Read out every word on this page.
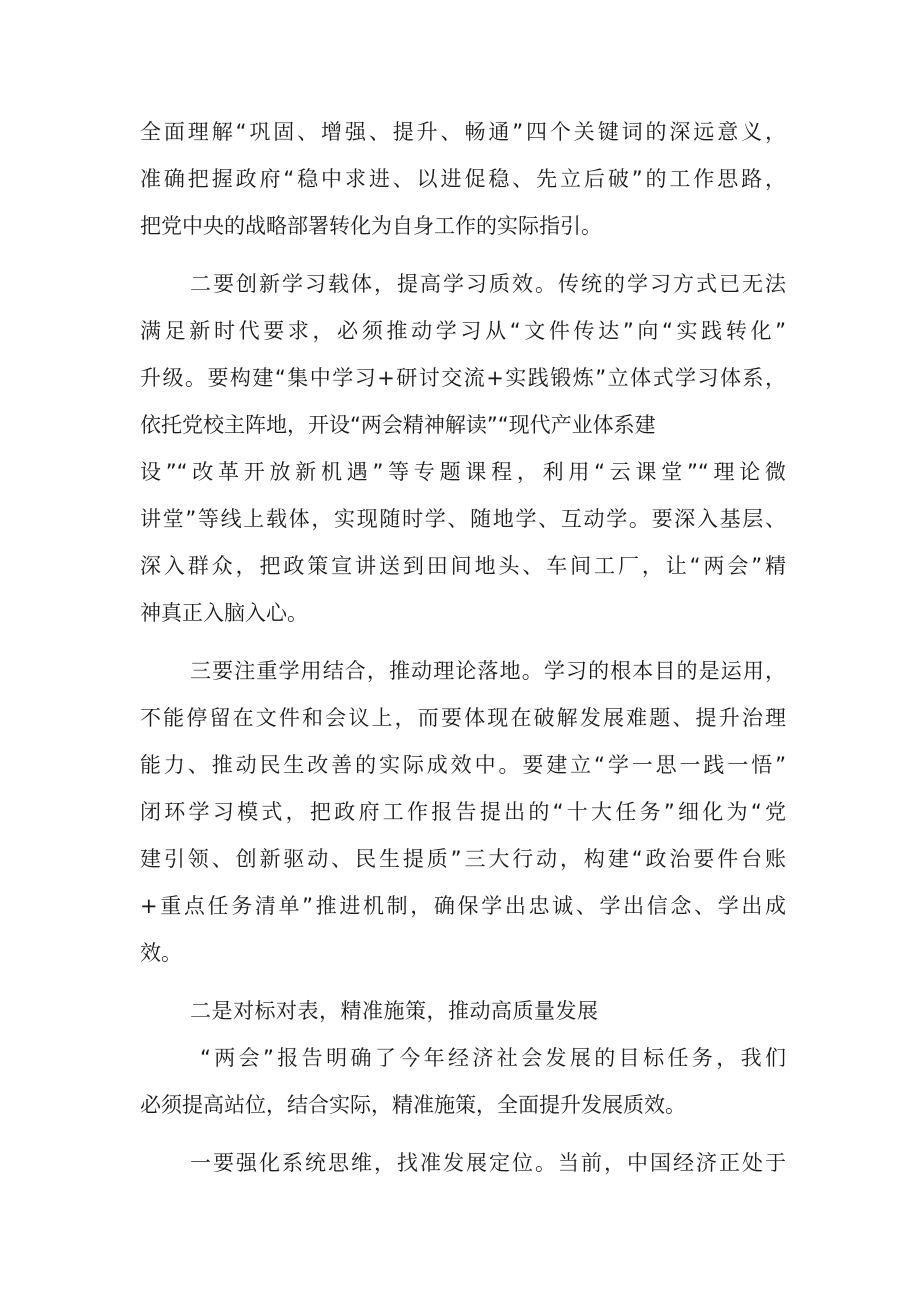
全面理解“巩固、增强、提升、畅通”四个关键词的深远意义，
准确把握政府“稳中求进、以进促稳、先立后破”的工作思路，
把党中央的战略部署转化为自身工作的实际指引。
二要创新学习载体，提高学习质效。传统的学习方式已无法
满足新时代要求，必须推动学习从“文件传达”向“实践转化”
升级。要构建“集中学习+研讨交流+实践锻炼”立体式学习体系，
依托党校主阵地，开设“两会精神解读”“现代产业体系建
设”“改革开放新机遇”等专题课程，利用“云课堂”“理论微
讲堂”等线上载体，实现随时学、随地学、互动学。要深入基层、
深入群众，把政策宣讲送到田间地头、车间工厂，让“两会”精
神真正入脑入心。
三要注重学用结合，推动理论落地。学习的根本目的是运用，
不能停留在文件和会议上，而要体现在破解发展难题、提升治理
能力、推动民生改善的实际成效中。要建立“学一思一践一悟”
闭环学习模式，把政府工作报告提出的“十大任务”细化为“党
建引领、创新驱动、民生提质”三大行动，构建“政治要件台账
+重点任务清单”推进机制，确保学出忠诚、学出信念、学出成
效。
二是对标对表，精准施策，推动高质量发展
“两会”报告明确了今年经济社会发展的目标任务，我们
必须提高站位，结合实际，精准施策，全面提升发展质效。
一要强化系统思维，找准发展定位。当前，中国经济正处于
